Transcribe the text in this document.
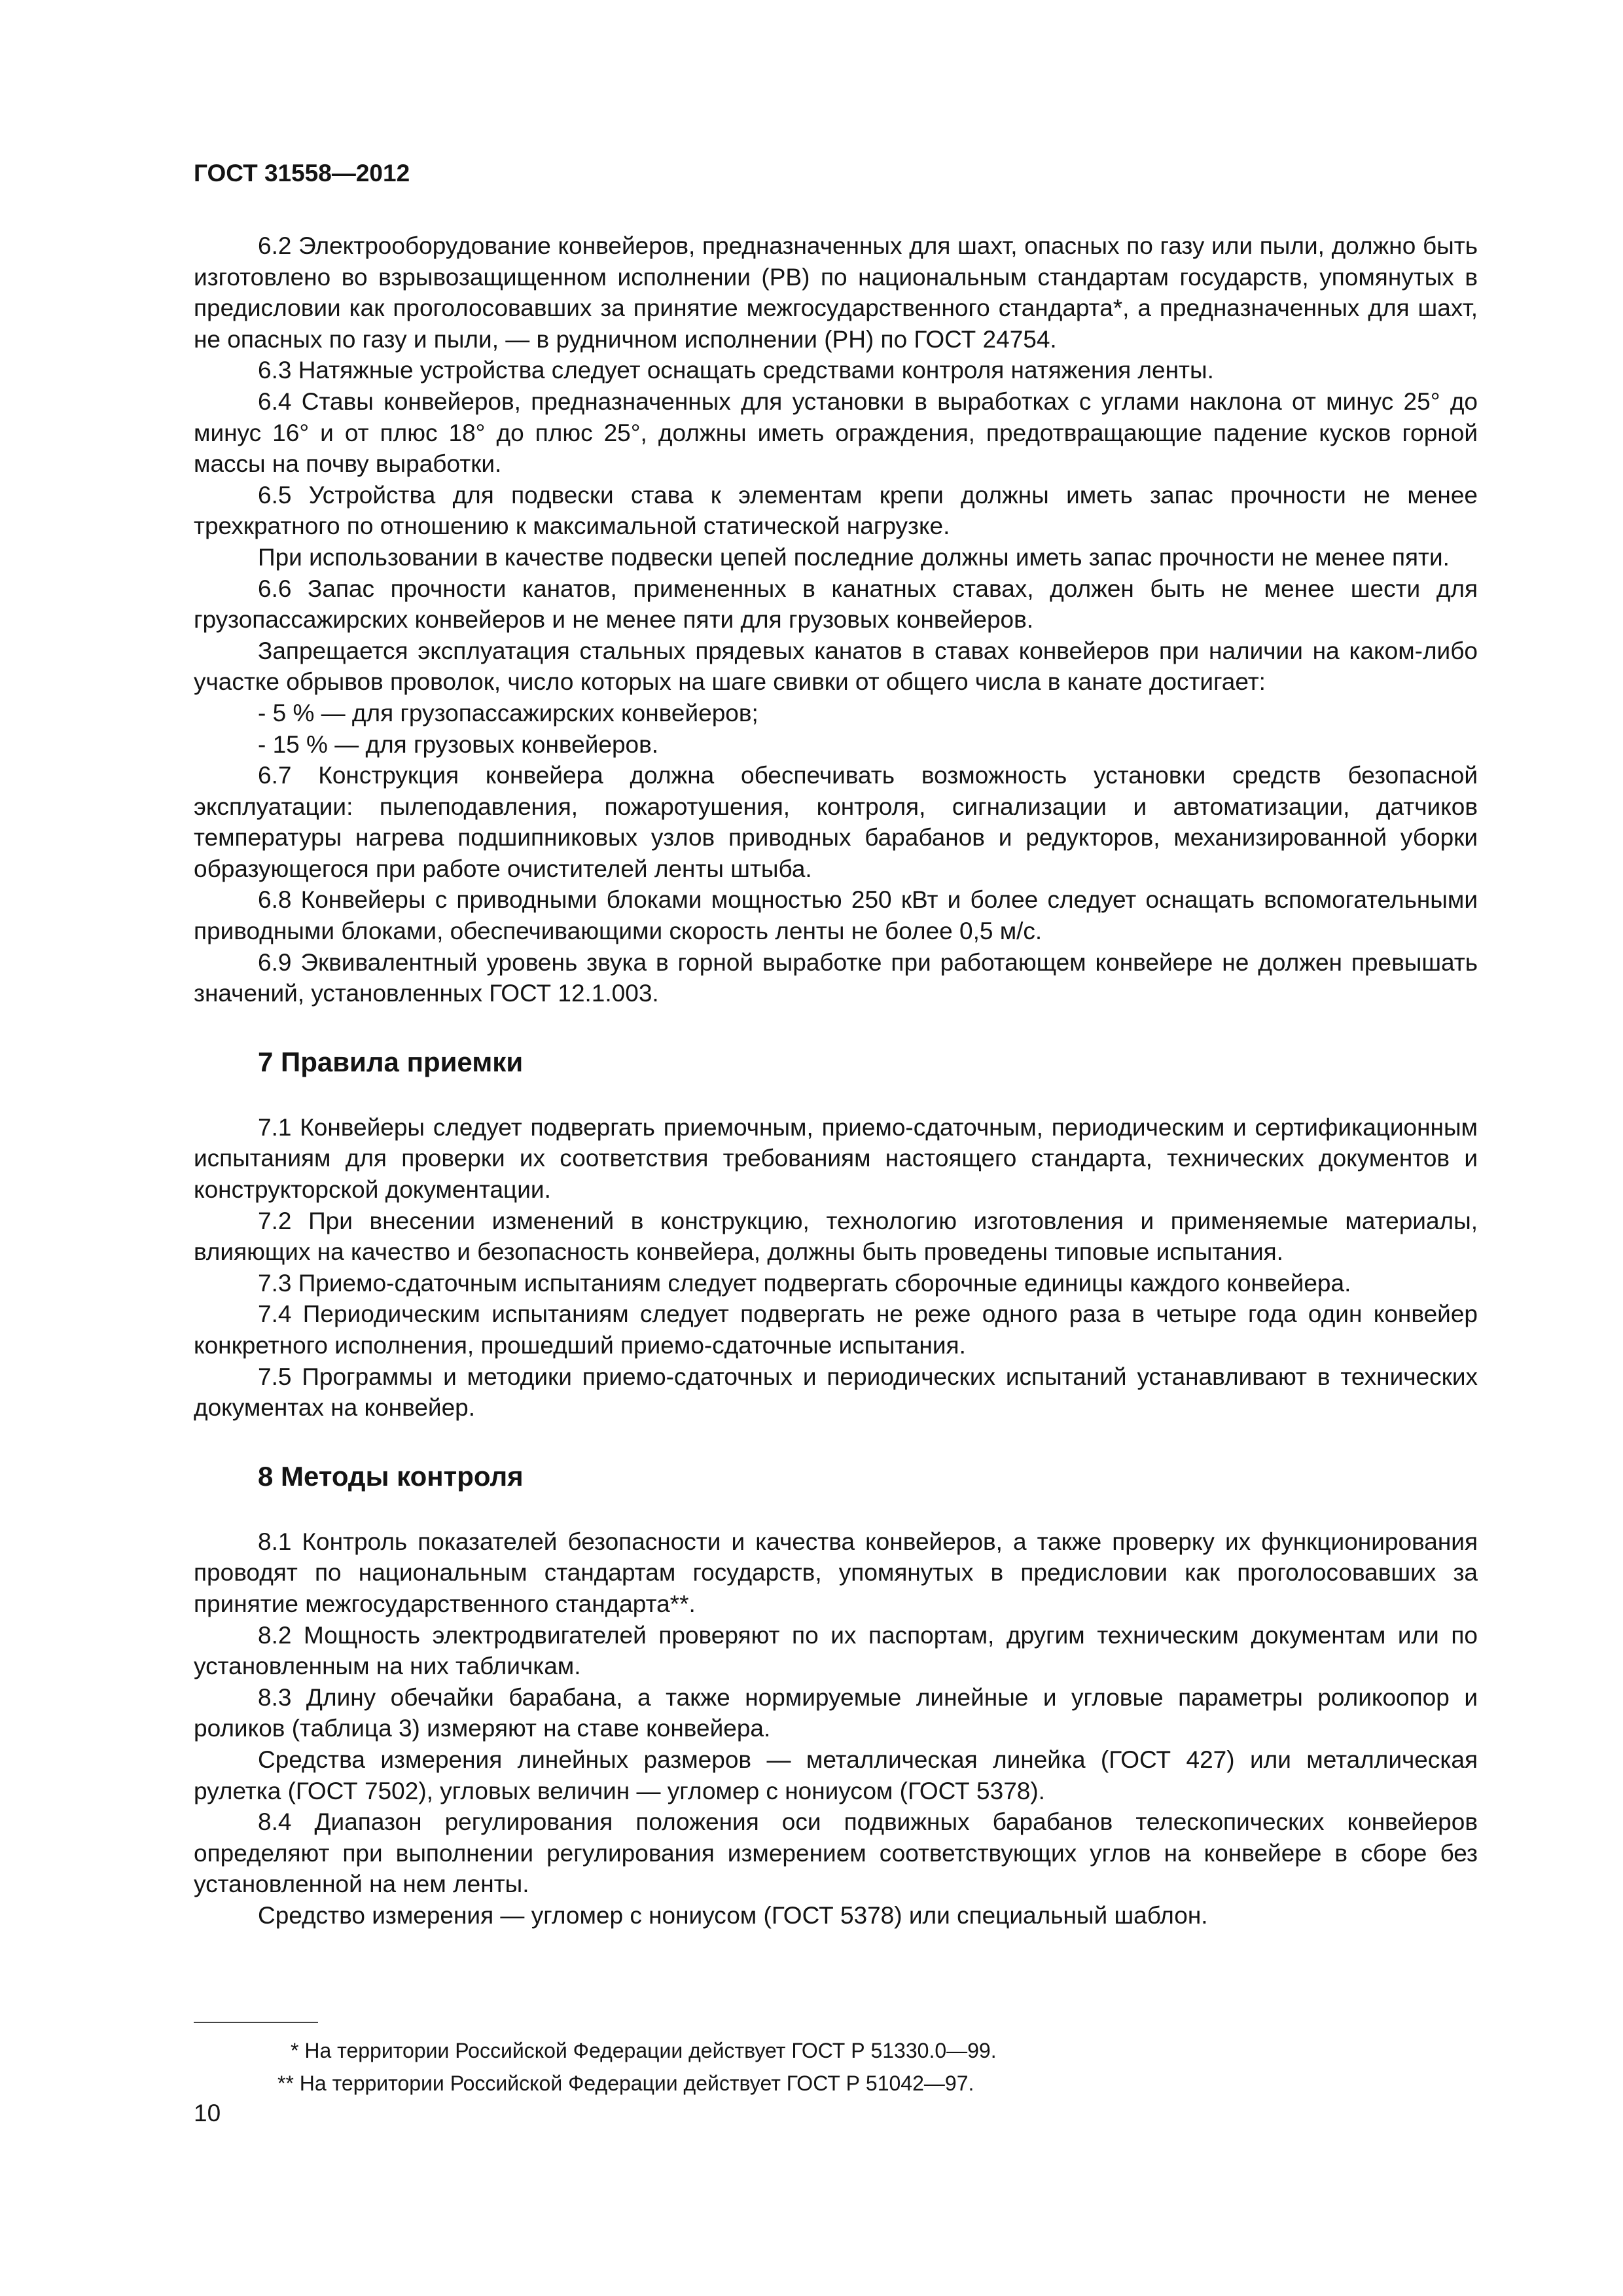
ГОСТ 31558—2012

6.2 Электрооборудование конвейеров, предназначенных для шахт, опасных по газу или пыли, должно быть изготовлено во взрывозащищенном исполнении (РВ) по национальным стандартам государств, упомянутых в предисловии как проголосовавших за принятие межгосударственного стандарта*, а предназначенных для шахт, не опасных по газу и пыли, — в рудничном исполнении (РН) по ГОСТ 24754.

6.3 Натяжные устройства следует оснащать средствами контроля натяжения ленты.

6.4 Ставы конвейеров, предназначенных для установки в выработках с углами наклона от минус 25° до минус 16° и от плюс 18° до плюс 25°, должны иметь ограждения, предотвращающие падение кусков горной массы на почву выработки.

6.5 Устройства для подвески става к элементам крепи должны иметь запас прочности не менее трехкратного по отношению к максимальной статической нагрузке.

При использовании в качестве подвески цепей последние должны иметь запас прочности не менее пяти.

6.6 Запас прочности канатов, примененных в канатных ставах, должен быть не менее шести для грузопассажирских конвейеров и не менее пяти для грузовых конвейеров.

Запрещается эксплуатация стальных прядевых канатов в ставах конвейеров при наличии на каком-либо участке обрывов проволок, число которых на шаге свивки от общего числа в канате достигает:

- 5 % — для грузопассажирских конвейеров;

- 15 % — для грузовых конвейеров.

6.7 Конструкция конвейера должна обеспечивать возможность установки средств безопасной эксплуатации: пылеподавления, пожаротушения, контроля, сигнализации и автоматизации, датчиков температуры нагрева подшипниковых узлов приводных барабанов и редукторов, механизированной уборки образующегося при работе очистителей ленты штыба.

6.8 Конвейеры с приводными блоками мощностью 250 кВт и более следует оснащать вспомогательными приводными блоками, обеспечивающими скорость ленты не более 0,5 м/с.

6.9 Эквивалентный уровень звука в горной выработке при работающем конвейере не должен превышать значений, установленных ГОСТ 12.1.003.

7 Правила приемки

7.1 Конвейеры следует подвергать приемочным, приемо-сдаточным, периодическим и сертификационным испытаниям для проверки их соответствия требованиям настоящего стандарта, технических документов и конструкторской документации.

7.2 При внесении изменений в конструкцию, технологию изготовления и применяемые материалы, влияющих на качество и безопасность конвейера, должны быть проведены типовые испытания.

7.3 Приемо-сдаточным испытаниям следует подвергать сборочные единицы каждого конвейера.

7.4 Периодическим испытаниям следует подвергать не реже одного раза в четыре года один конвейер конкретного исполнения, прошедший приемо-сдаточные испытания.

7.5 Программы и методики приемо-сдаточных и периодических испытаний устанавливают в технических документах на конвейер.

8 Методы контроля

8.1 Контроль показателей безопасности и качества конвейеров, а также проверку их функционирования проводят по национальным стандартам государств, упомянутых в предисловии как проголосовавших за принятие межгосударственного стандарта**.

8.2 Мощность электродвигателей проверяют по их паспортам, другим техническим документам или по установленным на них табличкам.

8.3 Длину обечайки барабана, а также нормируемые линейные и угловые параметры роликоопор и роликов (таблица 3) измеряют на ставе конвейера.

Средства измерения линейных размеров — металлическая линейка (ГОСТ 427) или металлическая рулетка (ГОСТ 7502), угловых величин — угломер с нониусом (ГОСТ 5378).

8.4 Диапазон регулирования положения оси подвижных барабанов телескопических конвейеров определяют при выполнении регулирования измерением соответствующих углов на конвейере в сборе без установленной на нем ленты.

Средство измерения — угломер с нониусом (ГОСТ 5378) или специальный шаблон.

* На территории Российской Федерации действует ГОСТ Р 51330.0—99.

** На территории Российской Федерации действует ГОСТ Р 51042—97.

10
